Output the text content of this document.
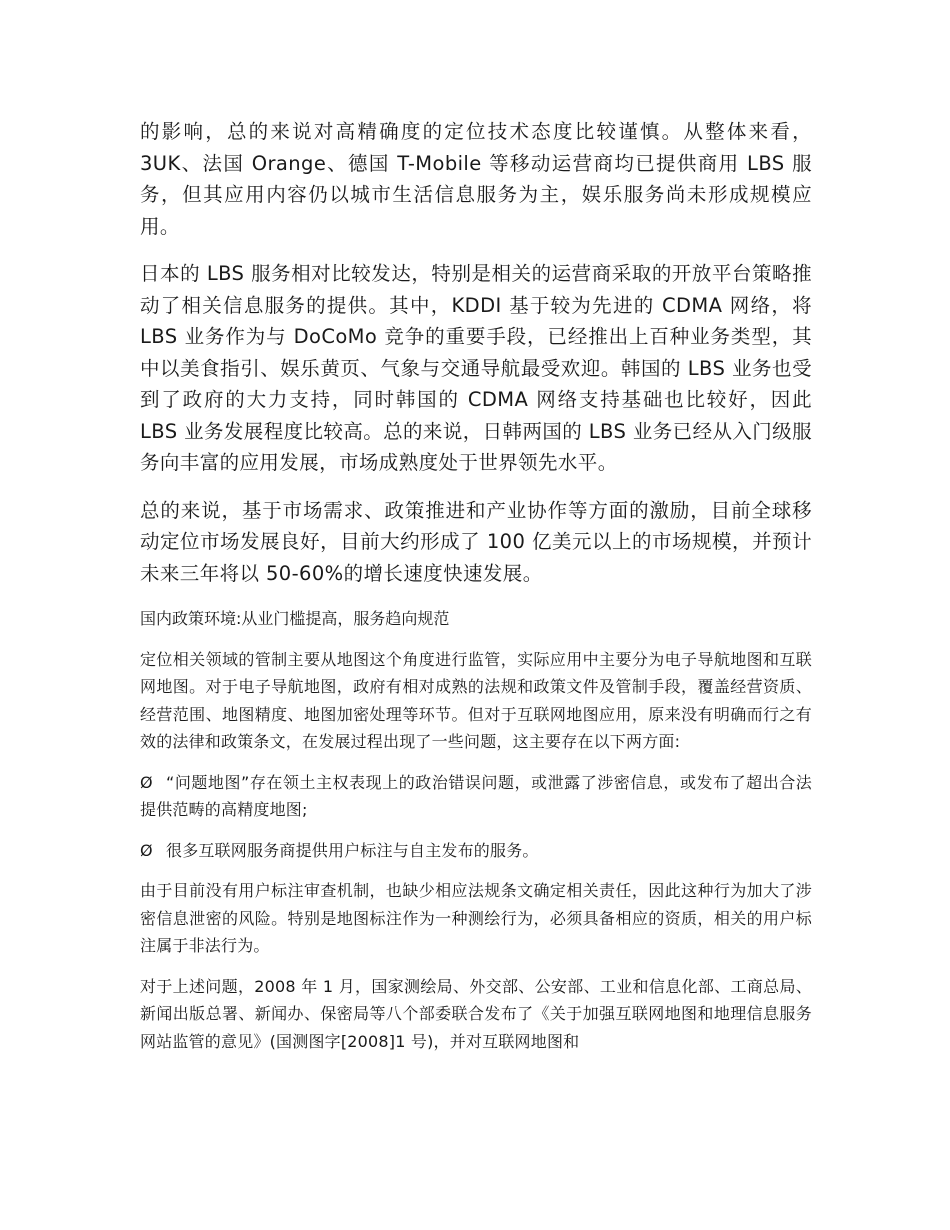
的影响，总的来说对高精确度的定位技术态度比较谨慎。从整体来看，3UK、法国 Orange、德国 T-Mobile 等移动运营商均已提供商用 LBS 服务，但其应用内容仍以城市生活信息服务为主，娱乐服务尚未形成规模应用。

日本的 LBS 服务相对比较发达，特别是相关的运营商采取的开放平台策略推动了相关信息服务的提供。其中，KDDI 基于较为先进的 CDMA 网络，将 LBS 业务作为与 DoCoMo 竞争的重要手段，已经推出上百种业务类型，其中以美食指引、娱乐黄页、气象与交通导航最受欢迎。韩国的 LBS 业务也受到了政府的大力支持，同时韩国的 CDMA 网络支持基础也比较好，因此 LBS 业务发展程度比较高。总的来说，日韩两国的 LBS 业务已经从入门级服务向丰富的应用发展，市场成熟度处于世界领先水平。

总的来说，基于市场需求、政策推进和产业协作等方面的激励，目前全球移动定位市场发展良好，目前大约形成了 100 亿美元以上的市场规模，并预计未来三年将以 50-60%的增长速度快速发展。

国内政策环境:从业门槛提高，服务趋向规范

定位相关领域的管制主要从地图这个角度进行监管，实际应用中主要分为电子导航地图和互联网地图。对于电子导航地图，政府有相对成熟的法规和政策文件及管制手段，覆盖经营资质、经营范围、地图精度、地图加密处理等环节。但对于互联网地图应用，原来没有明确而行之有效的法律和政策条文，在发展过程出现了一些问题，这主要存在以下两方面:

Ø “问题地图”存在领土主权表现上的政治错误问题，或泄露了涉密信息，或发布了超出合法提供范畴的高精度地图;

Ø 很多互联网服务商提供用户标注与自主发布的服务。

由于目前没有用户标注审查机制，也缺少相应法规条文确定相关责任，因此这种行为加大了涉密信息泄密的风险。特别是地图标注作为一种测绘行为，必须具备相应的资质，相关的用户标注属于非法行为。

对于上述问题，2008 年 1 月，国家测绘局、外交部、公安部、工业和信息化部、工商总局、新闻出版总署、新闻办、保密局等八个部委联合发布了《关于加强互联网地图和地理信息服务网站监管的意见》(国测图字[2008]1 号)，并对互联网地图和
